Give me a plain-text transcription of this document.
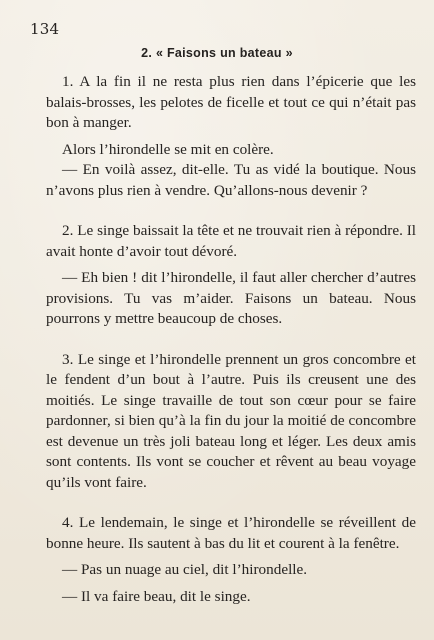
134
2. « Faisons un bateau »

1. A la fin il ne resta plus rien dans l’épicerie que les balais-brosses, les pelotes de ficelle et tout ce qui n’était pas bon à manger.

Alors l’hirondelle se mit en colère.

— En voilà assez, dit-elle. Tu as vidé la boutique. Nous n’avons plus rien à vendre. Qu’allons-nous devenir ?

2. Le singe baissait la tête et ne trouvait rien à répondre. Il avait honte d’avoir tout dévoré.

— Eh bien ! dit l’hirondelle, il faut aller chercher d’autres provisions. Tu vas m’aider. Faisons un bateau. Nous pourrons y mettre beaucoup de choses.

3. Le singe et l’hirondelle prennent un gros concombre et le fendent d’un bout à l’autre. Puis ils creusent une des moitiés. Le singe travaille de tout son cœur pour se faire pardonner, si bien qu’à la fin du jour la moitié de concombre est devenue un très joli bateau long et léger. Les deux amis sont contents. Ils vont se coucher et rêvent au beau voyage qu’ils vont faire.

4. Le lendemain, le singe et l’hirondelle se réveillent de bonne heure. Ils sautent à bas du lit et courent à la fenêtre.

— Pas un nuage au ciel, dit l’hirondelle.

— Il va faire beau, dit le singe.
